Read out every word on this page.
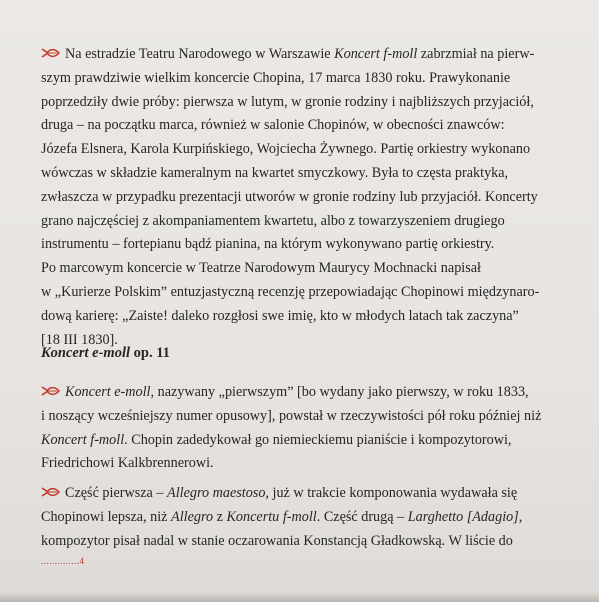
Na estradzie Teatru Narodowego w Warszawie Koncert f-moll zabrzmiał na pierw-
szym prawdziwie wielkim koncercie Chopina, 17 marca 1830 roku. Prawykonanie
poprzedziły dwie próby: pierwsza w lutym, w gronie rodziny i najbliższych przyjaciół,
druga – na początku marca, również w salonie Chopinów, w obecności znawców:
Józefa Elsnera, Karola Kurpińskiego, Wojciecha Żywnego. Partię orkiestry wykonano
wówczas w składzie kameralnym na kwartet smyczkowy. Była to częsta praktyka,
zwłaszcza w przypadku prezentacji utworów w gronie rodziny lub przyjaciół. Koncerty
grano najczęściej z akompaniamentem kwartetu, albo z towarzyszeniem drugiego
instrumentu – fortepianu bądź pianina, na którym wykonywano partię orkiestry.
Po marcowym koncercie w Teatrze Narodowym Maurycy Mochnacki napisał
w „Kurierze Polskim” entuzjastyczną recenzję przepowiadając Chopinowi międzynaro-
dową karierę: „Zaiste! daleko rozgłosi swe imię, kto w młodych latach tak zaczyna”
[18 III 1830].
Koncert e-moll op. 11
Koncert e-moll, nazywany „pierwszym” [bo wydany jako pierwszy, w roku 1833,
i noszący wcześniejszy numer opusowy], powstał w rzeczywistości pół roku później niż
Koncert f-moll. Chopin zadedykował go niemieckiemu pianiście i kompozytorowi,
Friedrichowi Kalkbrennerowi.
Część pierwsza – Allegro maestoso, już w trakcie komponowania wydawała się
Chopinowi lepsza, niż Allegro z Koncertu f-moll. Część drugą – Larghetto [Adagio],
kompozytor pisał nadal w stanie oczarowania Konstancją Gładkowską. W liście do
..............4
